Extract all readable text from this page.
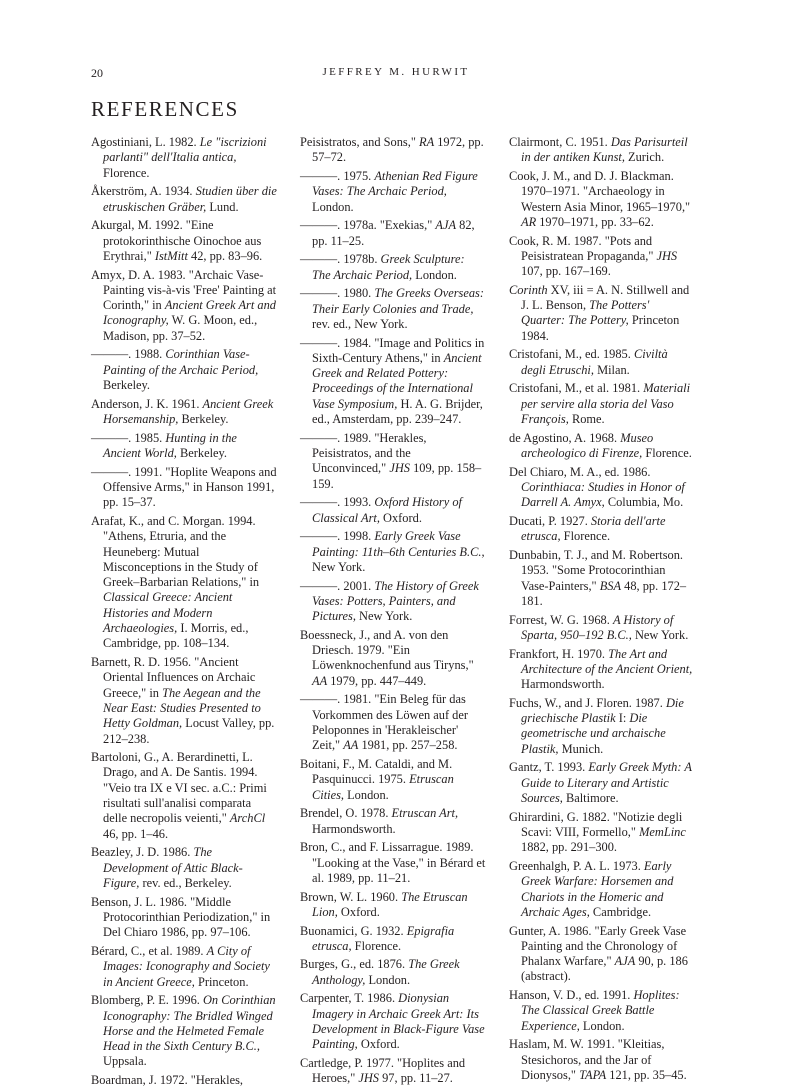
20	JEFFREY M. HURWIT
REFERENCES

Agostiniani, L. 1982. Le "iscrizioni parlanti" dell'Italia antica, Florence.

Åkerström, A. 1934. Studien über die etruskischen Gräber, Lund.

Akurgal, M. 1992. "Eine protokorinthische Oinochoe aus Erythrai," IstMitt 42, pp. 83–96.

Amyx, D. A. 1983. "Archaic Vase-Painting vis-à-vis 'Free' Painting at Corinth," in Ancient Greek Art and Iconography, W. G. Moon, ed., Madison, pp. 37–52.

———. 1988. Corinthian Vase-Painting of the Archaic Period, Berkeley.

Anderson, J. K. 1961. Ancient Greek Horsemanship, Berkeley.

———. 1985. Hunting in the Ancient World, Berkeley.

———. 1991. "Hoplite Weapons and Offensive Arms," in Hanson 1991, pp. 15–37.

Arafat, K., and C. Morgan. 1994. "Athens, Etruria, and the Heuneberg: Mutual Misconceptions in the Study of Greek–Barbarian Relations," in Classical Greece: Ancient Histories and Modern Archaeologies, I. Morris, ed., Cambridge, pp. 108–134.

Barnett, R. D. 1956. "Ancient Oriental Influences on Archaic Greece," in The Aegean and the Near East: Studies Presented to Hetty Goldman, Locust Valley, pp. 212–238.

Bartoloni, G., A. Berardinetti, L. Drago, and A. De Santis. 1994. "Veio tra IX e VI sec. a.C.: Primi risultati sull'analisi comparata delle necropolis veienti," ArchCl 46, pp. 1–46.

Beazley, J. D. 1986. The Development of Attic Black-Figure, rev. ed., Berkeley.

Benson, J. L. 1986. "Middle Protocorinthian Periodization," in Del Chiaro 1986, pp. 97–106.

Bérard, C., et al. 1989. A City of Images: Iconography and Society in Ancient Greece, Princeton.

Blomberg, P. E. 1996. On Corinthian Iconography: The Bridled Winged Horse and the Helmeted Female Head in the Sixth Century B.C., Uppsala.

Boardman, J. 1972. "Herakles,

Peisistratos, and Sons," RA 1972, pp. 57–72.

———. 1975. Athenian Red Figure Vases: The Archaic Period, London.

———. 1978a. "Exekias," AJA 82, pp. 11–25.

———. 1978b. Greek Sculpture: The Archaic Period, London.

———. 1980. The Greeks Overseas: Their Early Colonies and Trade, rev. ed., New York.

———. 1984. "Image and Politics in Sixth-Century Athens," in Ancient Greek and Related Pottery: Proceedings of the International Vase Symposium, H. A. G. Brijder, ed., Amsterdam, pp. 239–247.

———. 1989. "Herakles, Peisistratos, and the Unconvinced," JHS 109, pp. 158–159.

———. 1993. Oxford History of Classical Art, Oxford.

———. 1998. Early Greek Vase Painting: 11th–6th Centuries B.C., New York.

———. 2001. The History of Greek Vases: Potters, Painters, and Pictures, New York.

Boessneck, J., and A. von den Driesch. 1979. "Ein Löwenknochenfund aus Tiryns," AA 1979, pp. 447–449.

———. 1981. "Ein Beleg für das Vorkommen des Löwen auf der Peloponnes in 'Herakleischer' Zeit," AA 1981, pp. 257–258.

Boitani, F., M. Cataldi, and M. Pasquinucci. 1975. Etruscan Cities, London.

Brendel, O. 1978. Etruscan Art, Harmondsworth.

Bron, C., and F. Lissarrague. 1989. "Looking at the Vase," in Bérard et al. 1989, pp. 11–21.

Brown, W. L. 1960. The Etruscan Lion, Oxford.

Buonamici, G. 1932. Epigrafia etrusca, Florence.

Burges, G., ed. 1876. The Greek Anthology, London.

Carpenter, T. 1986. Dionysian Imagery in Archaic Greek Art: Its Development in Black-Figure Vase Painting, Oxford.

Cartledge, P. 1977. "Hoplites and Heroes," JHS 97, pp. 11–27.

Clairmont, C. 1951. Das Parisurteil in der antiken Kunst, Zurich.

Cook, J. M., and D. J. Blackman. 1970–1971. "Archaeology in Western Asia Minor, 1965–1970," AR 1970–1971, pp. 33–62.

Cook, R. M. 1987. "Pots and Peisistratean Propaganda," JHS 107, pp. 167–169.

Corinth XV, iii = A. N. Stillwell and J. L. Benson, The Potters' Quarter: The Pottery, Princeton 1984.

Cristofani, M., ed. 1985. Civiltà degli Etruschi, Milan.

Cristofani, M., et al. 1981. Materiali per servire alla storia del Vaso François, Rome.

de Agostino, A. 1968. Museo archeologico di Firenze, Florence.

Del Chiaro, M. A., ed. 1986. Corinthiaca: Studies in Honor of Darrell A. Amyx, Columbia, Mo.

Ducati, P. 1927. Storia dell'arte etrusca, Florence.

Dunbabin, T. J., and M. Robertson. 1953. "Some Protocorinthian Vase-Painters," BSA 48, pp. 172–181.

Forrest, W. G. 1968. A History of Sparta, 950–192 B.C., New York.

Frankfort, H. 1970. The Art and Architecture of the Ancient Orient, Harmondsworth.

Fuchs, W., and J. Floren. 1987. Die griechische Plastik I: Die geometrische und archaische Plastik, Munich.

Gantz, T. 1993. Early Greek Myth: A Guide to Literary and Artistic Sources, Baltimore.

Ghirardini, G. 1882. "Notizie degli Scavi: VIII, Formello," MemLinc 1882, pp. 291–300.

Greenhalgh, P. A. L. 1973. Early Greek Warfare: Horsemen and Chariots in the Homeric and Archaic Ages, Cambridge.

Gunter, A. 1986. "Early Greek Vase Painting and the Chronology of Phalanx Warfare," AJA 90, p. 186 (abstract).

Hanson, V. D., ed. 1991. Hoplites: The Classical Greek Battle Experience, London.

Haslam, M. W. 1991. "Kleitias, Stesichoros, and the Jar of Dionysos," TAPA 121, pp. 35–45.
